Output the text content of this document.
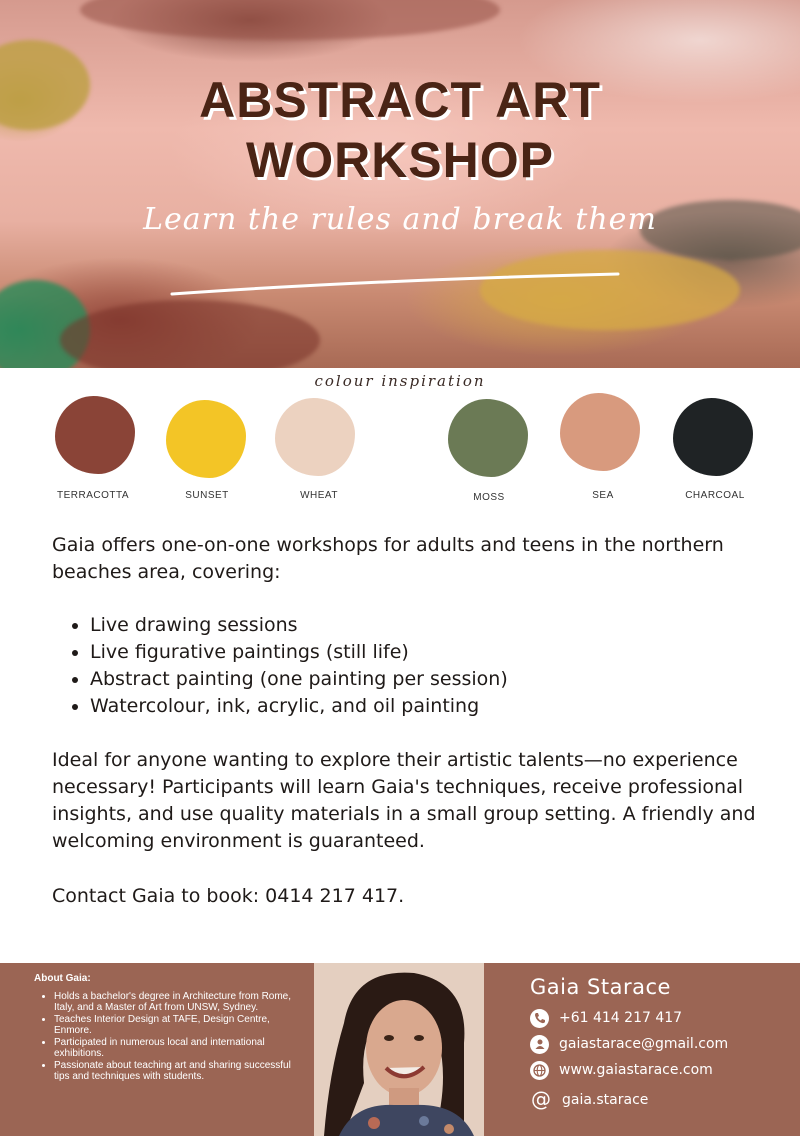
ABSTRACT ART
WORKSHOP
Learn the rules and break them
colour inspiration
TERRACOTTA	SUNSET	WHEAT	MOSS	SEA	CHARCOAL
Gaia offers one-on-one workshops for adults and teens in the northern beaches area, covering:
• Live drawing sessions
• Live figurative paintings (still life)
• Abstract painting (one painting per session)
• Watercolour, ink, acrylic, and oil painting
Ideal for anyone wanting to explore their artistic talents—no experience necessary! Participants will learn Gaia's techniques, receive professional insights, and use quality materials in a small group setting. A friendly and welcoming environment is guaranteed.
Contact Gaia to book: 0414 217 417.
About Gaia:
• Holds a bachelor's degree in Architecture from Rome, Italy, and a Master of Art from UNSW, Sydney.
• Teaches Interior Design at TAFE, Design Centre, Enmore.
• Participated in numerous local and international exhibitions.
• Passionate about teaching art and sharing successful tips and techniques with students.
Gaia Starace
+61 414 217 417
gaiastarace@gmail.com
www.gaiastarace.com
@ gaia.starace
